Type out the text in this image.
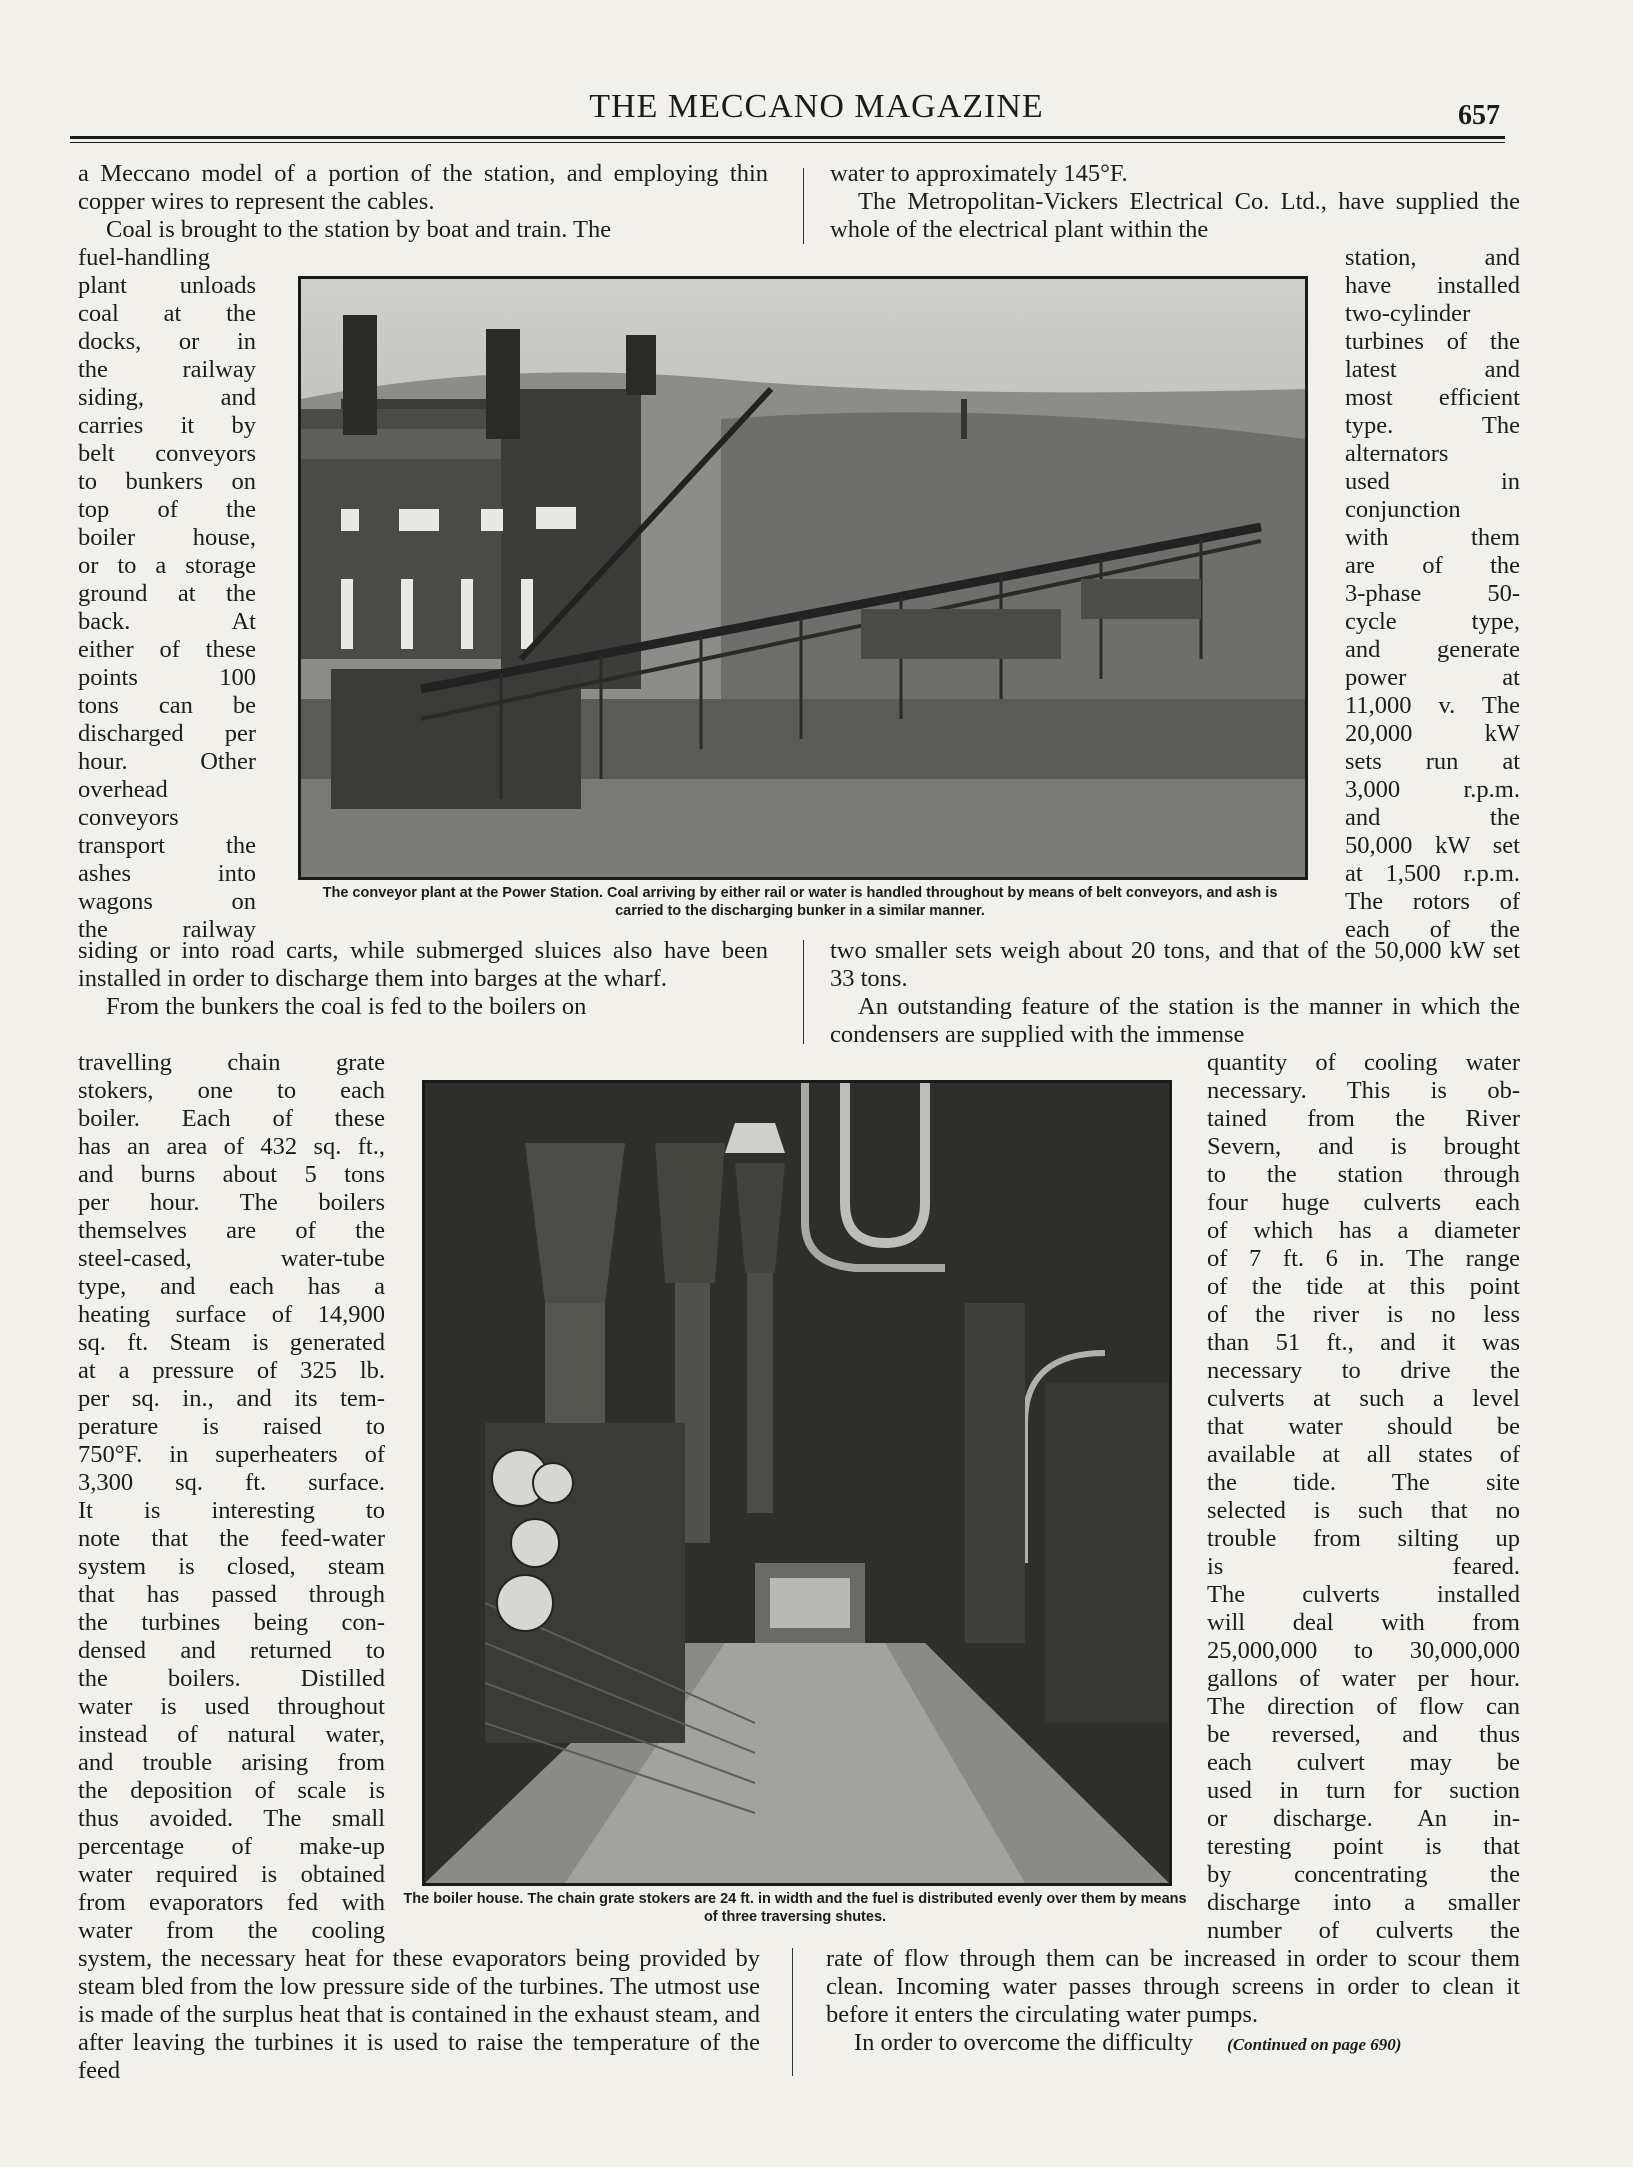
THE MECCANO MAGAZINE	657

a Meccano model of a portion of the station, and employing thin copper wires to represent the cables.

Coal is brought to the station by boat and train. The

water to approximately 145°F.

The Metropolitan-Vickers Electrical Co. Ltd., have supplied the whole of the electrical plant within the

fuel-handling
plant unloads
coal at the
docks, or in
the railway
siding, and
carries it by
belt conveyors
to bunkers on
top of the
boiler house,
or to a storage
ground at the
back. At
either of these
points 100
tons can be
discharged per
hour. Other
overhead
conveyors
transport the
ashes into
wagons on
the railway
station, and
have installed
two-cylinder
turbines of the
latest and
most efficient
type. The
alternators
used in
conjunction
with them
are of the
3-phase 50-
cycle type,
and generate
power at
11,000 v. The
20,000 kW
sets run at
3,000 r.p.m.
and the
50,000 kW set
at 1,500 r.p.m.
The rotors of
each of the
The conveyor plant at the Power Station. Coal arriving by either rail or water is handled throughout by means of belt conveyors, and ash is carried to the discharging bunker in a similar manner.

siding or into road carts, while submerged sluices also have been installed in order to discharge them into barges at the wharf.

From the bunkers the coal is fed to the boilers on

two smaller sets weigh about 20 tons, and that of the 50,000 kW set 33 tons.

An outstanding feature of the station is the manner in which the condensers are supplied with the immense

travelling chain grate
stokers, one to each
boiler. Each of these
has an area of 432 sq. ft.,
and burns about 5 tons
per hour. The boilers
themselves are of the
steel-cased, water-tube
type, and each has a
heating surface of 14,900
sq. ft. Steam is generated
at a pressure of 325 lb.
per sq. in., and its tem-
perature is raised to
750°F. in superheaters of
3,300 sq. ft. surface.
It is interesting to
note that the feed-water
system is closed, steam
that has passed through
the turbines being con-
densed and returned to
the boilers. Distilled
water is used throughout
instead of natural water,
and trouble arising from
the deposition of scale is
thus avoided. The small
percentage of make-up
water required is obtained
from evaporators fed with
water from the cooling
quantity of cooling water
necessary. This is ob-
tained from the River
Severn, and is brought
to the station through
four huge culverts each
of which has a diameter
of 7 ft. 6 in. The range
of the tide at this point
of the river is no less
than 51 ft., and it was
necessary to drive the
culverts at such a level
that water should be
available at all states of
the tide. The site
selected is such that no
trouble from silting up
is feared.
The culverts installed
will deal with from
25,000,000 to 30,000,000
gallons of water per hour.
The direction of flow can
be reversed, and thus
each culvert may be
used in turn for suction
or discharge. An in-
teresting point is that
by concentrating the
discharge into a smaller
number of culverts the
The boiler house. The chain grate stokers are 24 ft. in width and the fuel is distributed evenly over them by means of three traversing shutes.

system, the necessary heat for these evaporators being provided by steam bled from the low pressure side of the turbines. The utmost use is made of the surplus heat that is contained in the exhaust steam, and after leaving the turbines it is used to raise the temperature of the feed

rate of flow through them can be increased in order to scour them clean. Incoming water passes through screens in order to clean it before it enters the circulating water pumps.

In order to overcome the difficulty (Continued on page 690)
